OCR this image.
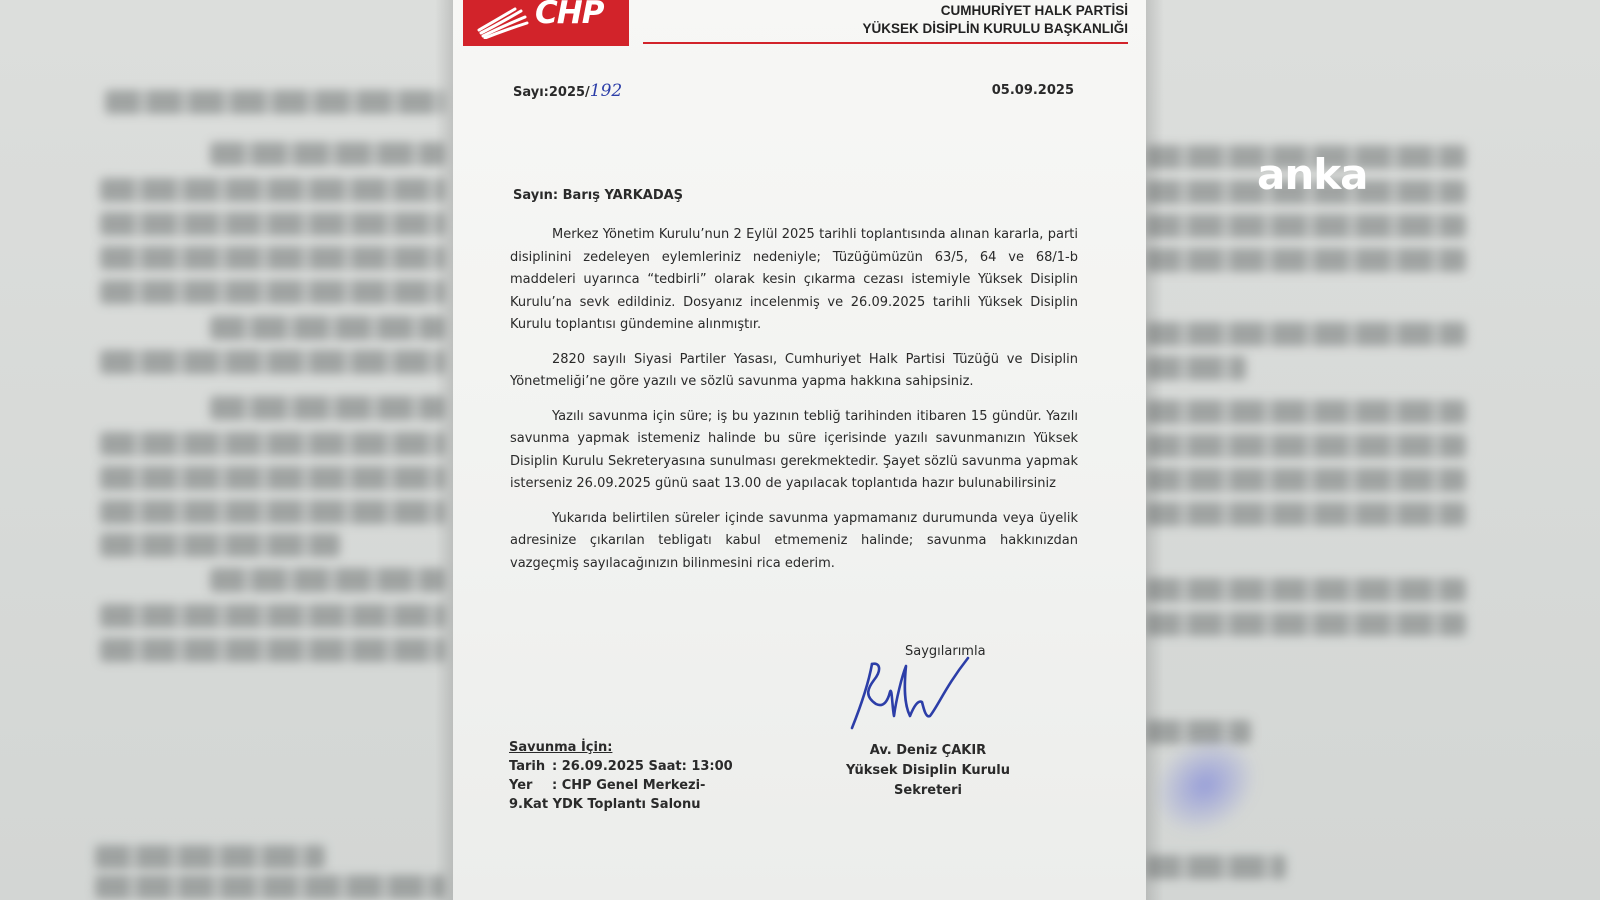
anka
CHP	CUMHURİYET HALK PARTİSİ
YÜKSEK DİSİPLİN KURULU BAŞKANLIĞI
Sayı:2025/192	05.09.2025
Sayın: Barış YARKADAŞ

Merkez Yönetim Kurulu’nun 2 Eylül 2025 tarihli toplantısında alınan kararla, parti disiplinini zedeleyen eylemleriniz nedeniyle; Tüzüğümüzün 63/5, 64 ve 68/1-b maddeleri uyarınca “tedbirli” olarak kesin çıkarma cezası istemiyle Yüksek Disiplin Kurulu’na sevk edildiniz. Dosyanız incelenmiş ve 26.09.2025 tarihli Yüksek Disiplin Kurulu toplantısı gündemine alınmıştır.

2820 sayılı Siyasi Partiler Yasası, Cumhuriyet Halk Partisi Tüzüğü ve Disiplin Yönetmeliği’ne göre yazılı ve sözlü savunma yapma hakkına sahipsiniz.

Yazılı savunma için süre; iş bu yazının tebliğ tarihinden itibaren 15 gündür. Yazılı savunma yapmak istemeniz halinde bu süre içerisinde yazılı savunmanızın Yüksek Disiplin Kurulu Sekreteryasına sunulması gerekmektedir. Şayet sözlü savunma yapmak isterseniz 26.09.2025 günü saat 13.00 de yapılacak toplantıda hazır bulunabilirsiniz

Yukarıda belirtilen süreler içinde savunma yapmamanız durumunda veya üyelik adresinize çıkarılan tebligatı kabul etmemeniz halinde; savunma hakkınızdan vazgeçmiş sayılacağınızın bilinmesini rica ederim.

Saygılarımla
Av. Deniz ÇAKIR
Yüksek Disiplin Kurulu Sekreteri
Savunma İçin:
Tarih : 26.09.2025 Saat: 13:00
Yer	: CHP Genel Merkezi-
9.Kat YDK Toplantı Salonu
